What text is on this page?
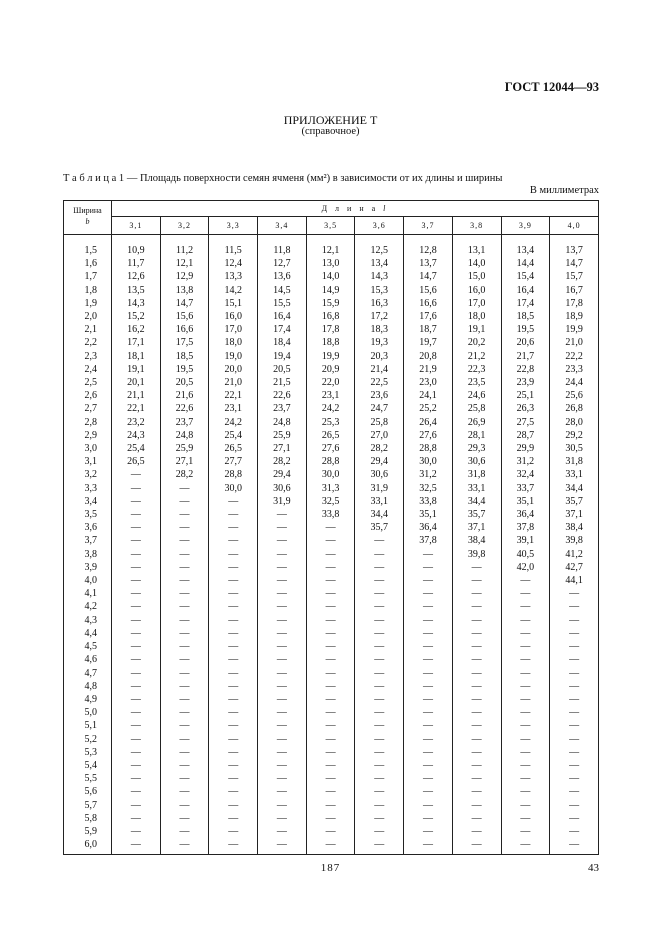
ГОСТ 12044—93
ПРИЛОЖЕНИЕ Т
(справочное)
Т а б л и ц а 1 — Площадь поверхности семян ячменя (мм²) в зависимости от их длины и ширины
В миллиметрах
Ширина
b	Д л и н а l									
	3,1	3,2	3,3	3,4	3,5	3,6	3,7	3,8	3,9	4,0
1,5	10,9	11,2	11,5	11,8	12,1	12,5	12,8	13,1	13,4	13,7
1,6	11,7	12,1	12,4	12,7	13,0	13,4	13,7	14,0	14,4	14,7
1,7	12,6	12,9	13,3	13,6	14,0	14,3	14,7	15,0	15,4	15,7
1,8	13,5	13,8	14,2	14,5	14,9	15,3	15,6	16,0	16,4	16,7
1,9	14,3	14,7	15,1	15,5	15,9	16,3	16,6	17,0	17,4	17,8
2,0	15,2	15,6	16,0	16,4	16,8	17,2	17,6	18,0	18,5	18,9
2,1	16,2	16,6	17,0	17,4	17,8	18,3	18,7	19,1	19,5	19,9
2,2	17,1	17,5	18,0	18,4	18,8	19,3	19,7	20,2	20,6	21,0
2,3	18,1	18,5	19,0	19,4	19,9	20,3	20,8	21,2	21,7	22,2
2,4	19,1	19,5	20,0	20,5	20,9	21,4	21,9	22,3	22,8	23,3
2,5	20,1	20,5	21,0	21,5	22,0	22,5	23,0	23,5	23,9	24,4
2,6	21,1	21,6	22,1	22,6	23,1	23,6	24,1	24,6	25,1	25,6
2,7	22,1	22,6	23,1	23,7	24,2	24,7	25,2	25,8	26,3	26,8
2,8	23,2	23,7	24,2	24,8	25,3	25,8	26,4	26,9	27,5	28,0
2,9	24,3	24,8	25,4	25,9	26,5	27,0	27,6	28,1	28,7	29,2
3,0	25,4	25,9	26,5	27,1	27,6	28,2	28,8	29,3	29,9	30,5
3,1	26,5	27,1	27,7	28,2	28,8	29,4	30,0	30,6	31,2	31,8
3,2	—	28,2	28,8	29,4	30,0	30,6	31,2	31,8	32,4	33,1
3,3	—	—	30,0	30,6	31,3	31,9	32,5	33,1	33,7	34,4
3,4	—	—	—	31,9	32,5	33,1	33,8	34,4	35,1	35,7
3,5	—	—	—	—	33,8	34,4	35,1	35,7	36,4	37,1
3,6	—	—	—	—	—	35,7	36,4	37,1	37,8	38,4
3,7	—	—	—	—	—	—	37,8	38,4	39,1	39,8
3,8	—	—	—	—	—	—	—	39,8	40,5	41,2
3,9	—	—	—	—	—	—	—	—	42,0	42,7
4,0	—	—	—	—	—	—	—	—	—	44,1
4,1	—	—	—	—	—	—	—	—	—	—
4,2	—	—	—	—	—	—	—	—	—	—
4,3	—	—	—	—	—	—	—	—	—	—
4,4	—	—	—	—	—	—	—	—	—	—
4,5	—	—	—	—	—	—	—	—	—	—
4,6	—	—	—	—	—	—	—	—	—	—
4,7	—	—	—	—	—	—	—	—	—	—
4,8	—	—	—	—	—	—	—	—	—	—
4,9	—	—	—	—	—	—	—	—	—	—
5,0	—	—	—	—	—	—	—	—	—	—
5,1	—	—	—	—	—	—	—	—	—	—
5,2	—	—	—	—	—	—	—	—	—	—
5,3	—	—	—	—	—	—	—	—	—	—
5,4	—	—	—	—	—	—	—	—	—	—
5,5	—	—	—	—	—	—	—	—	—	—
5,6	—	—	—	—	—	—	—	—	—	—
5,7	—	—	—	—	—	—	—	—	—	—
5,8	—	—	—	—	—	—	—	—	—	—
5,9	—	—	—	—	—	—	—	—	—	—
6,0	—	—	—	—	—	—	—	—	—	—
187	43
